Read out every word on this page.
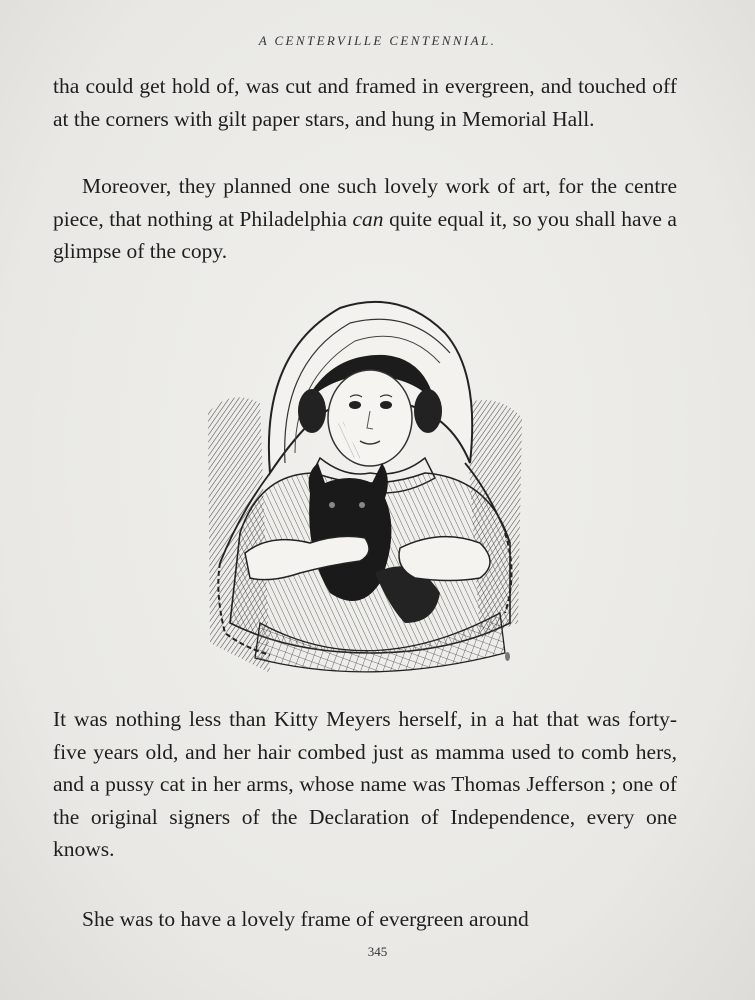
A CENTERVILLE CENTENNIAL.

tha could get hold of, was cut and framed in evergreen, and touched off at the corners with gilt paper stars, and hung in Memorial Hall.

Moreover, they planned one such lovely work of art, for the centre piece, that nothing at Philadelphia can quite equal it, so you shall have a glimpse of the copy.

It was nothing less than Kitty Meyers herself, in a hat that was forty-five years old, and her hair combed just as mamma used to comb hers, and a pussy cat in her arms, whose name was Thomas Jefferson ; one of the original signers of the Declaration of Independence, every one knows.

She was to have a lovely frame of evergreen around

345
